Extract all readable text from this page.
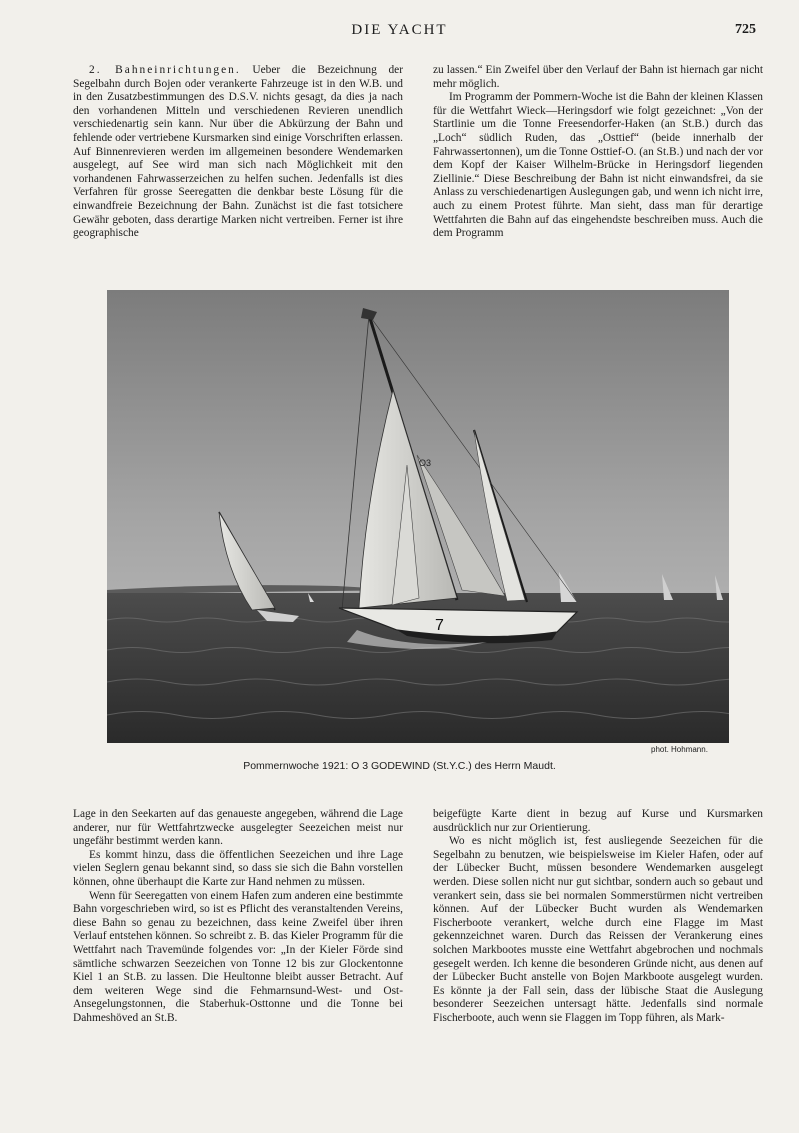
DIE YACHT	725

2. Bahneinrichtungen. Ueber die Bezeichnung der Segelbahn durch Bojen oder verankerte Fahrzeuge ist in den W.B. und in den Zusatzbestimmungen des D.S.V. nichts gesagt, da dies ja nach den vorhandenen Mitteln und verschiedenen Revieren unendlich verschiedenartig sein kann. Nur über die Abkürzung der Bahn und fehlende oder vertriebene Kursmarken sind einige Vorschriften erlassen. Auf Binnenrevieren werden im allgemeinen besondere Wendemarken ausgelegt, auf See wird man sich nach Möglichkeit mit den vorhandenen Fahrwasserzeichen zu helfen suchen. Jedenfalls ist dies Verfahren für grosse Seeregatten die denkbar beste Lösung für die einwandfreie Bezeichnung der Bahn. Zunächst ist die fast totsichere Gewähr geboten, dass derartige Marken nicht vertreiben. Ferner ist ihre geographische

zu lassen.“ Ein Zweifel über den Verlauf der Bahn ist hiernach gar nicht mehr möglich.

Im Programm der Pommern-Woche ist die Bahn der kleinen Klassen für die Wettfahrt Wieck—Heringsdorf wie folgt gezeichnet: „Von der Startlinie um die Tonne Freesendorfer-Haken (an St.B.) durch das „Loch“ südlich Ruden, das „Osttief“ (beide innerhalb der Fahrwassertonnen), um die Tonne Osttief-O. (an St.B.) und nach der vor dem Kopf der Kaiser Wilhelm-Brücke in Heringsdorf liegenden Ziellinie.“ Diese Beschreibung der Bahn ist nicht einwandsfrei, da sie Anlass zu verschiedenartigen Auslegungen gab, und wenn ich nicht irre, auch zu einem Protest führte. Man sieht, dass man für derartige Wettfahrten die Bahn auf das eingehendste beschreiben muss. Auch die dem Programm

O3
7
phot. Hohmann.
Pommernwoche 1921: O 3 GODEWIND (St.Y.C.) des Herrn Maudt.

Lage in den Seekarten auf das genaueste angegeben, während die Lage anderer, nur für Wettfahrtzwecke ausgelegter Seezeichen meist nur ungefähr bestimmt werden kann.

Es kommt hinzu, dass die öffentlichen Seezeichen und ihre Lage vielen Seglern genau bekannt sind, so dass sie sich die Bahn vorstellen können, ohne überhaupt die Karte zur Hand nehmen zu müssen.

Wenn für Seeregatten von einem Hafen zum anderen eine bestimmte Bahn vorgeschrieben wird, so ist es Pflicht des veranstaltenden Vereins, diese Bahn so genau zu bezeichnen, dass keine Zweifel über ihren Verlauf entstehen können. So schreibt z. B. das Kieler Programm für die Wettfahrt nach Travemünde folgendes vor: „In der Kieler Förde sind sämtliche schwarzen Seezeichen von Tonne 12 bis zur Glockentonne Kiel 1 an St.B. zu lassen. Die Heultonne bleibt ausser Betracht. Auf dem weiteren Wege sind die Fehmarnsund-West- und Ost-Ansegelungstonnen, die Staberhuk-Osttonne und die Tonne bei Dahmeshöved an St.B.

beigefügte Karte dient in bezug auf Kurse und Kursmarken ausdrücklich nur zur Orientierung.

Wo es nicht möglich ist, fest ausliegende Seezeichen für die Segelbahn zu benutzen, wie beispielsweise im Kieler Hafen, oder auf der Lübecker Bucht, müssen besondere Wendemarken ausgelegt werden. Diese sollen nicht nur gut sichtbar, sondern auch so gebaut und verankert sein, dass sie bei normalen Sommerstürmen nicht vertreiben können. Auf der Lübecker Bucht wurden als Wendemarken Fischerboote verankert, welche durch eine Flagge im Mast gekennzeichnet waren. Durch das Reissen der Verankerung eines solchen Markbootes musste eine Wettfahrt abgebrochen und nochmals gesegelt werden. Ich kenne die besonderen Gründe nicht, aus denen auf der Lübecker Bucht anstelle von Bojen Markboote ausgelegt wurden. Es könnte ja der Fall sein, dass der lübische Staat die Auslegung besonderer Seezeichen untersagt hätte. Jedenfalls sind normale Fischerboote, auch wenn sie Flaggen im Topp führen, als Mark-
